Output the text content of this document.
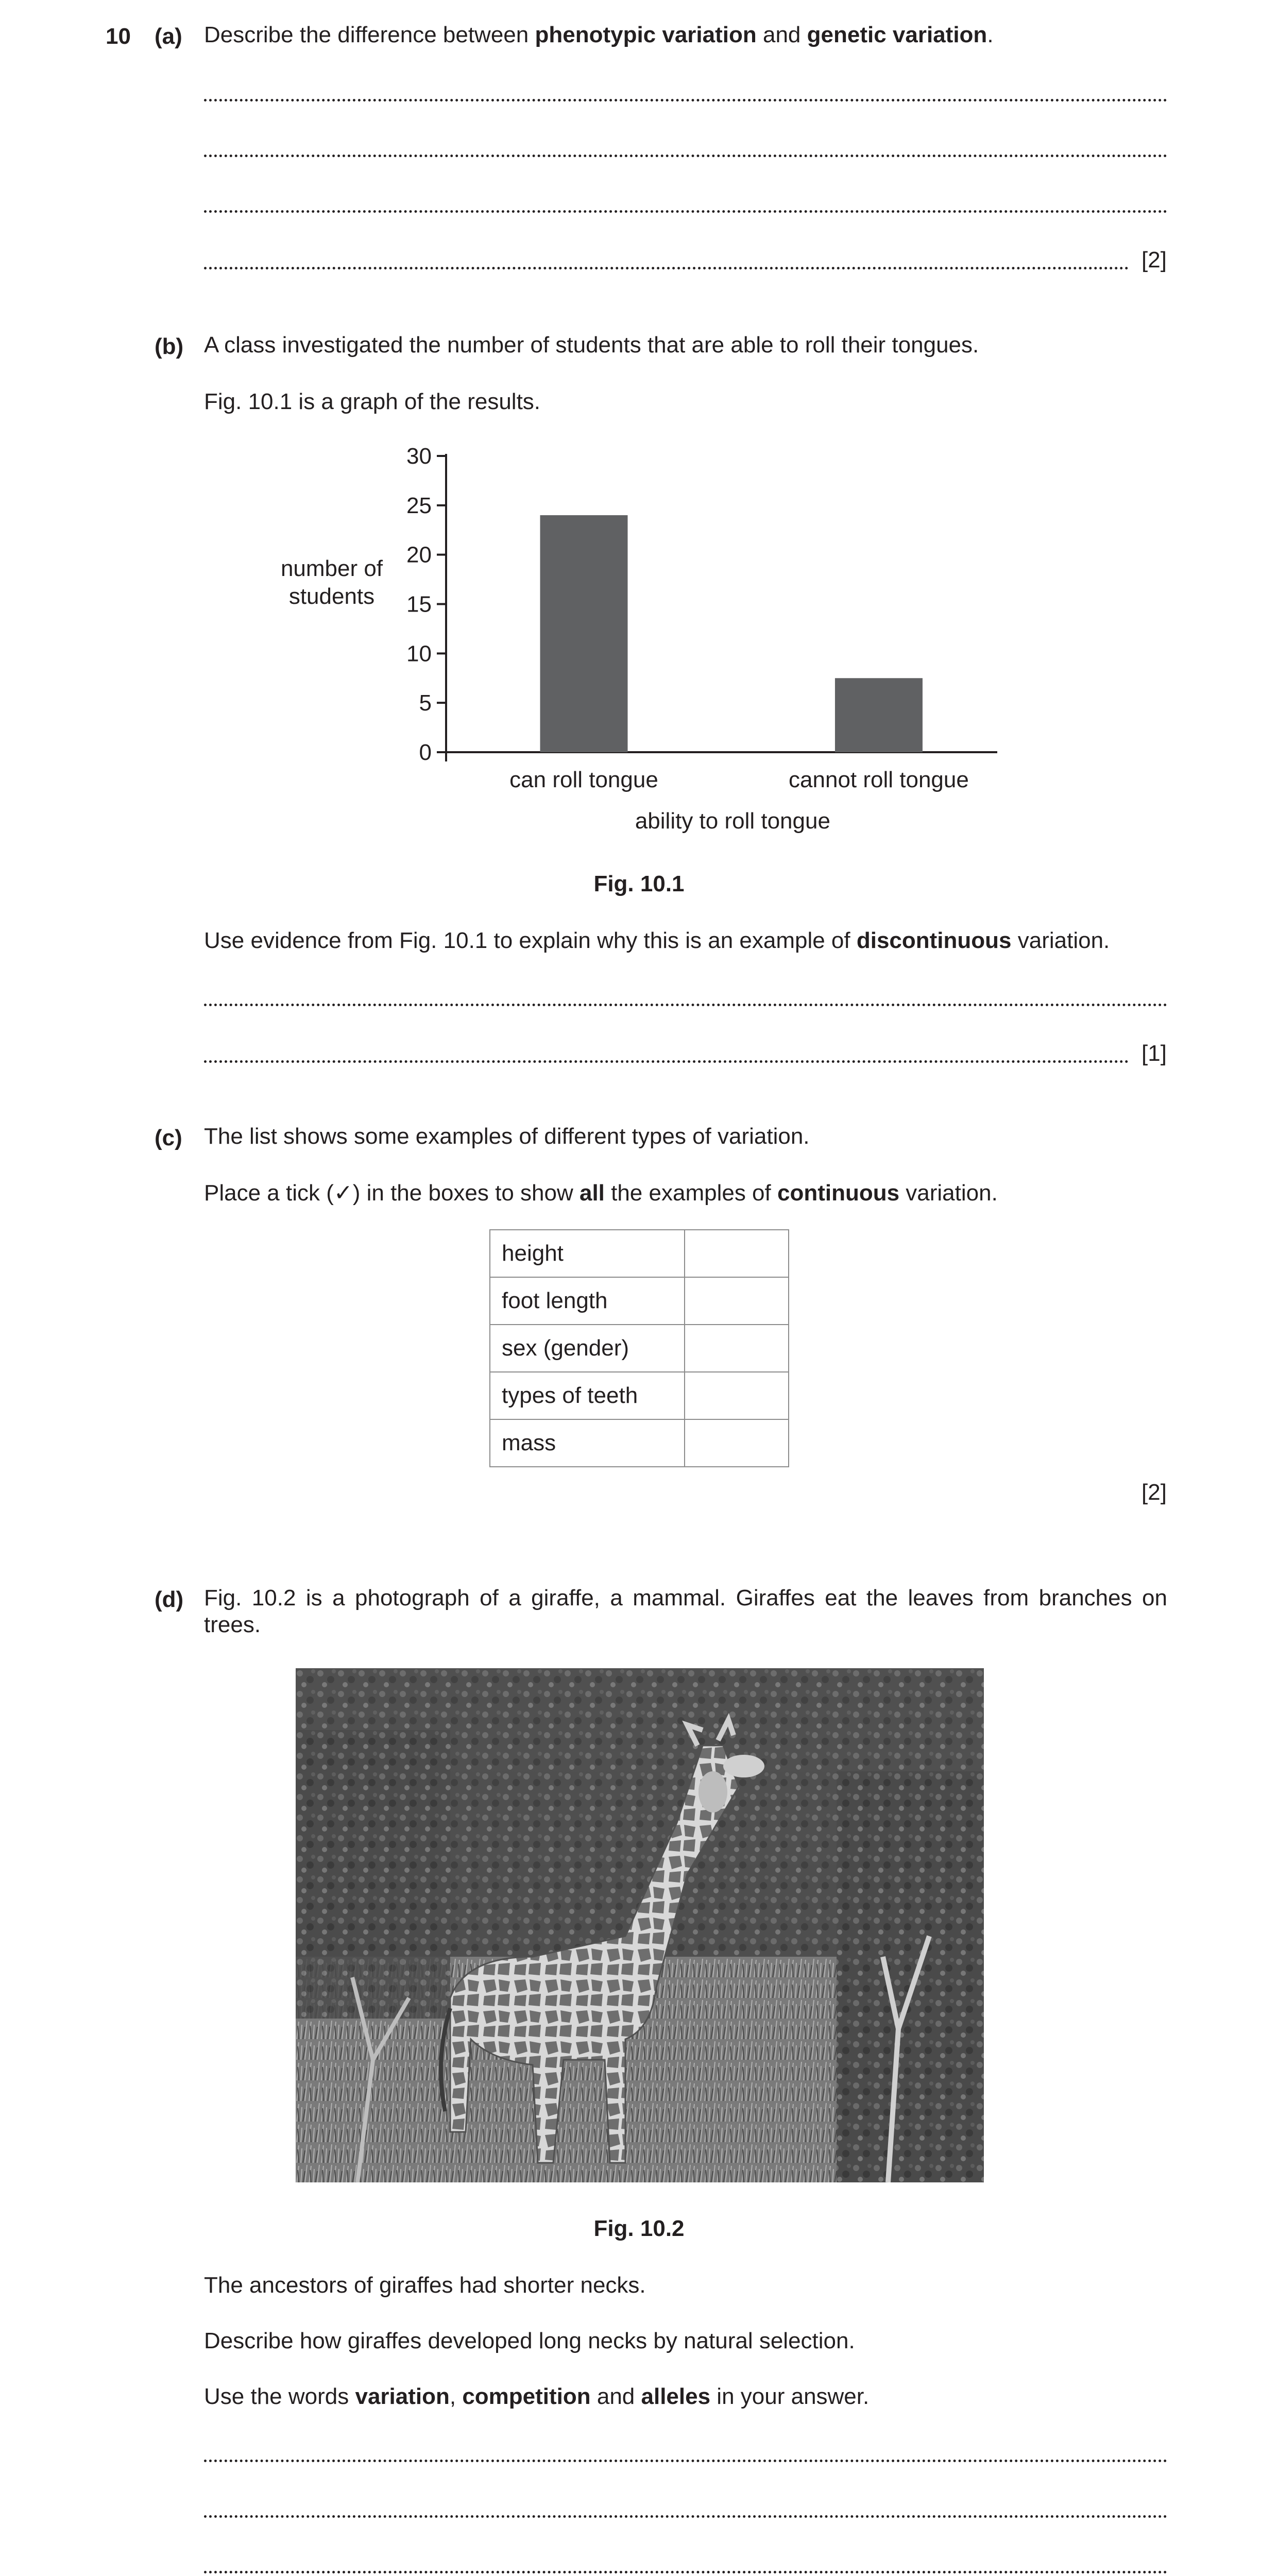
10 (a) Describe the difference between phenotypic variation and genetic variation.
[2]
(b) A class investigated the number of students that are able to roll their tongues.
Fig. 10.1 is a graph of the results.
0
5
10
15
20
25
30
can roll tongue	cannot roll tongue
ability to roll tongue
number of
students
Fig. 10.1
Use evidence from Fig. 10.1 to explain why this is an example of discontinuous variation.
[1]
(c) The list shows some examples of different types of variation.
Place a tick (✓) in the boxes to show all the examples of continuous variation.
height	
foot length	
sex (gender)	
types of teeth	
mass	
[2]
(d) Fig. 10.2 is a photograph of a giraffe, a mammal. Giraffes eat the leaves from branches on trees.
Fig. 10.2
The ancestors of giraffes had shorter necks.
Describe how giraffes developed long necks by natural selection.
Use the words variation, competition and alleles in your answer.
